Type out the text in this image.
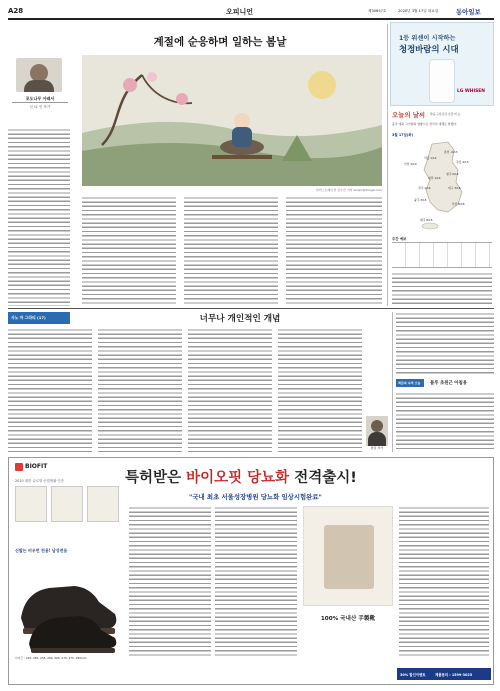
A28	오피니언	제30657호	2020년 3월 17일 화요일	동아일보
계절에 순응하며 일하는 봄날
포도나무 아래서
신 타 민 작가
일러스트레이션 김수진 기자 soojin@donga.com
1등 위센이 시작하는
청정바람의 시대
LG WHISEN
오늘의 날씨 맑음·구름조금·흐림·비·눈
중국 대륙 고기압의 영향으로 전국이 대체로 맑겠다.
3월 17일(화)
서울 1/12
인천 2/10
춘천 -2/13
강릉 4/13
대전 1/14
청주 0/14
전주 1/14
광주 3/15
대구 3/16
부산 6/16
제주 8/15
주간 예보
사노 마 그라티 (17)	너무나 개인적인 개념
한강 작가
책갈피 속의 오늘 블루 초원근 아침용
BIOFIT
2020 대한 글로벌 준법생활 인증	특허받은 바이오핏 당뇨화 전격출시!
"국내 최초 서울성장병원 당뇨화 임상시험완료"
신발는 비우먼 전용! 남성전용
사이즈 : 245, 250, 255, 260, 265, 270, 275, 280mm
100% 국내산 手製靴
30% 할인이벤트	제품문의 : 1599-3025
